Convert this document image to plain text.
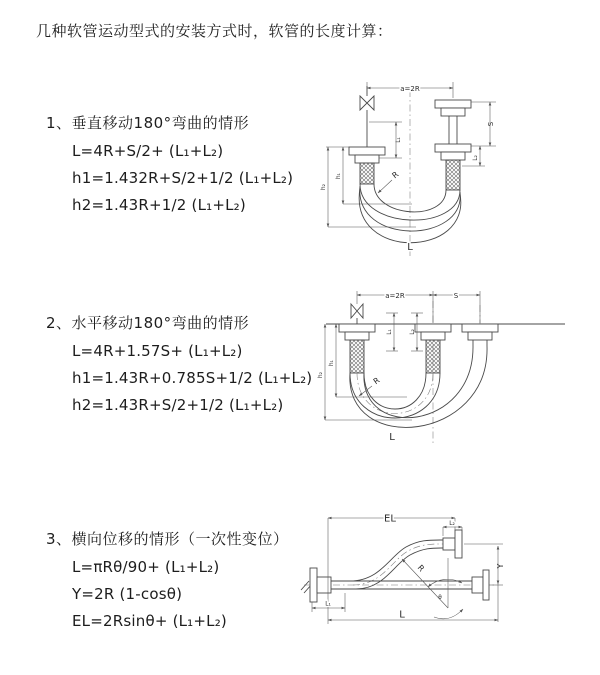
几种软管运动型式的安装方式时，软管的长度计算：
1、垂直移动180°弯曲的情形
L=4R+S/2+ (L₁+L₂)
h1=1.432R+S/2+1/2 (L₁+L₂)
h2=1.43R+1/2 (L₁+L₂)
a=2R
S
L₂
L₁
h₁
h₂
R
L
2、水平移动180°弯曲的情形
L=4R+1.57S+ (L₁+L₂)
h1=1.43R+0.785S+1/2 (L₁+L₂)
h2=1.43R+S/2+1/2 (L₁+L₂)
a=2R	S
L₁	L₂
h₁
h₂
R
L
3、横向位移的情形（一次性变位）
L=πRθ/90+ (L₁+L₂)
Y=2R (1-cosθ)
EL=2Rsinθ+ (L₁+L₂)
EL	L₂
Y
R
θ
L₁
L
